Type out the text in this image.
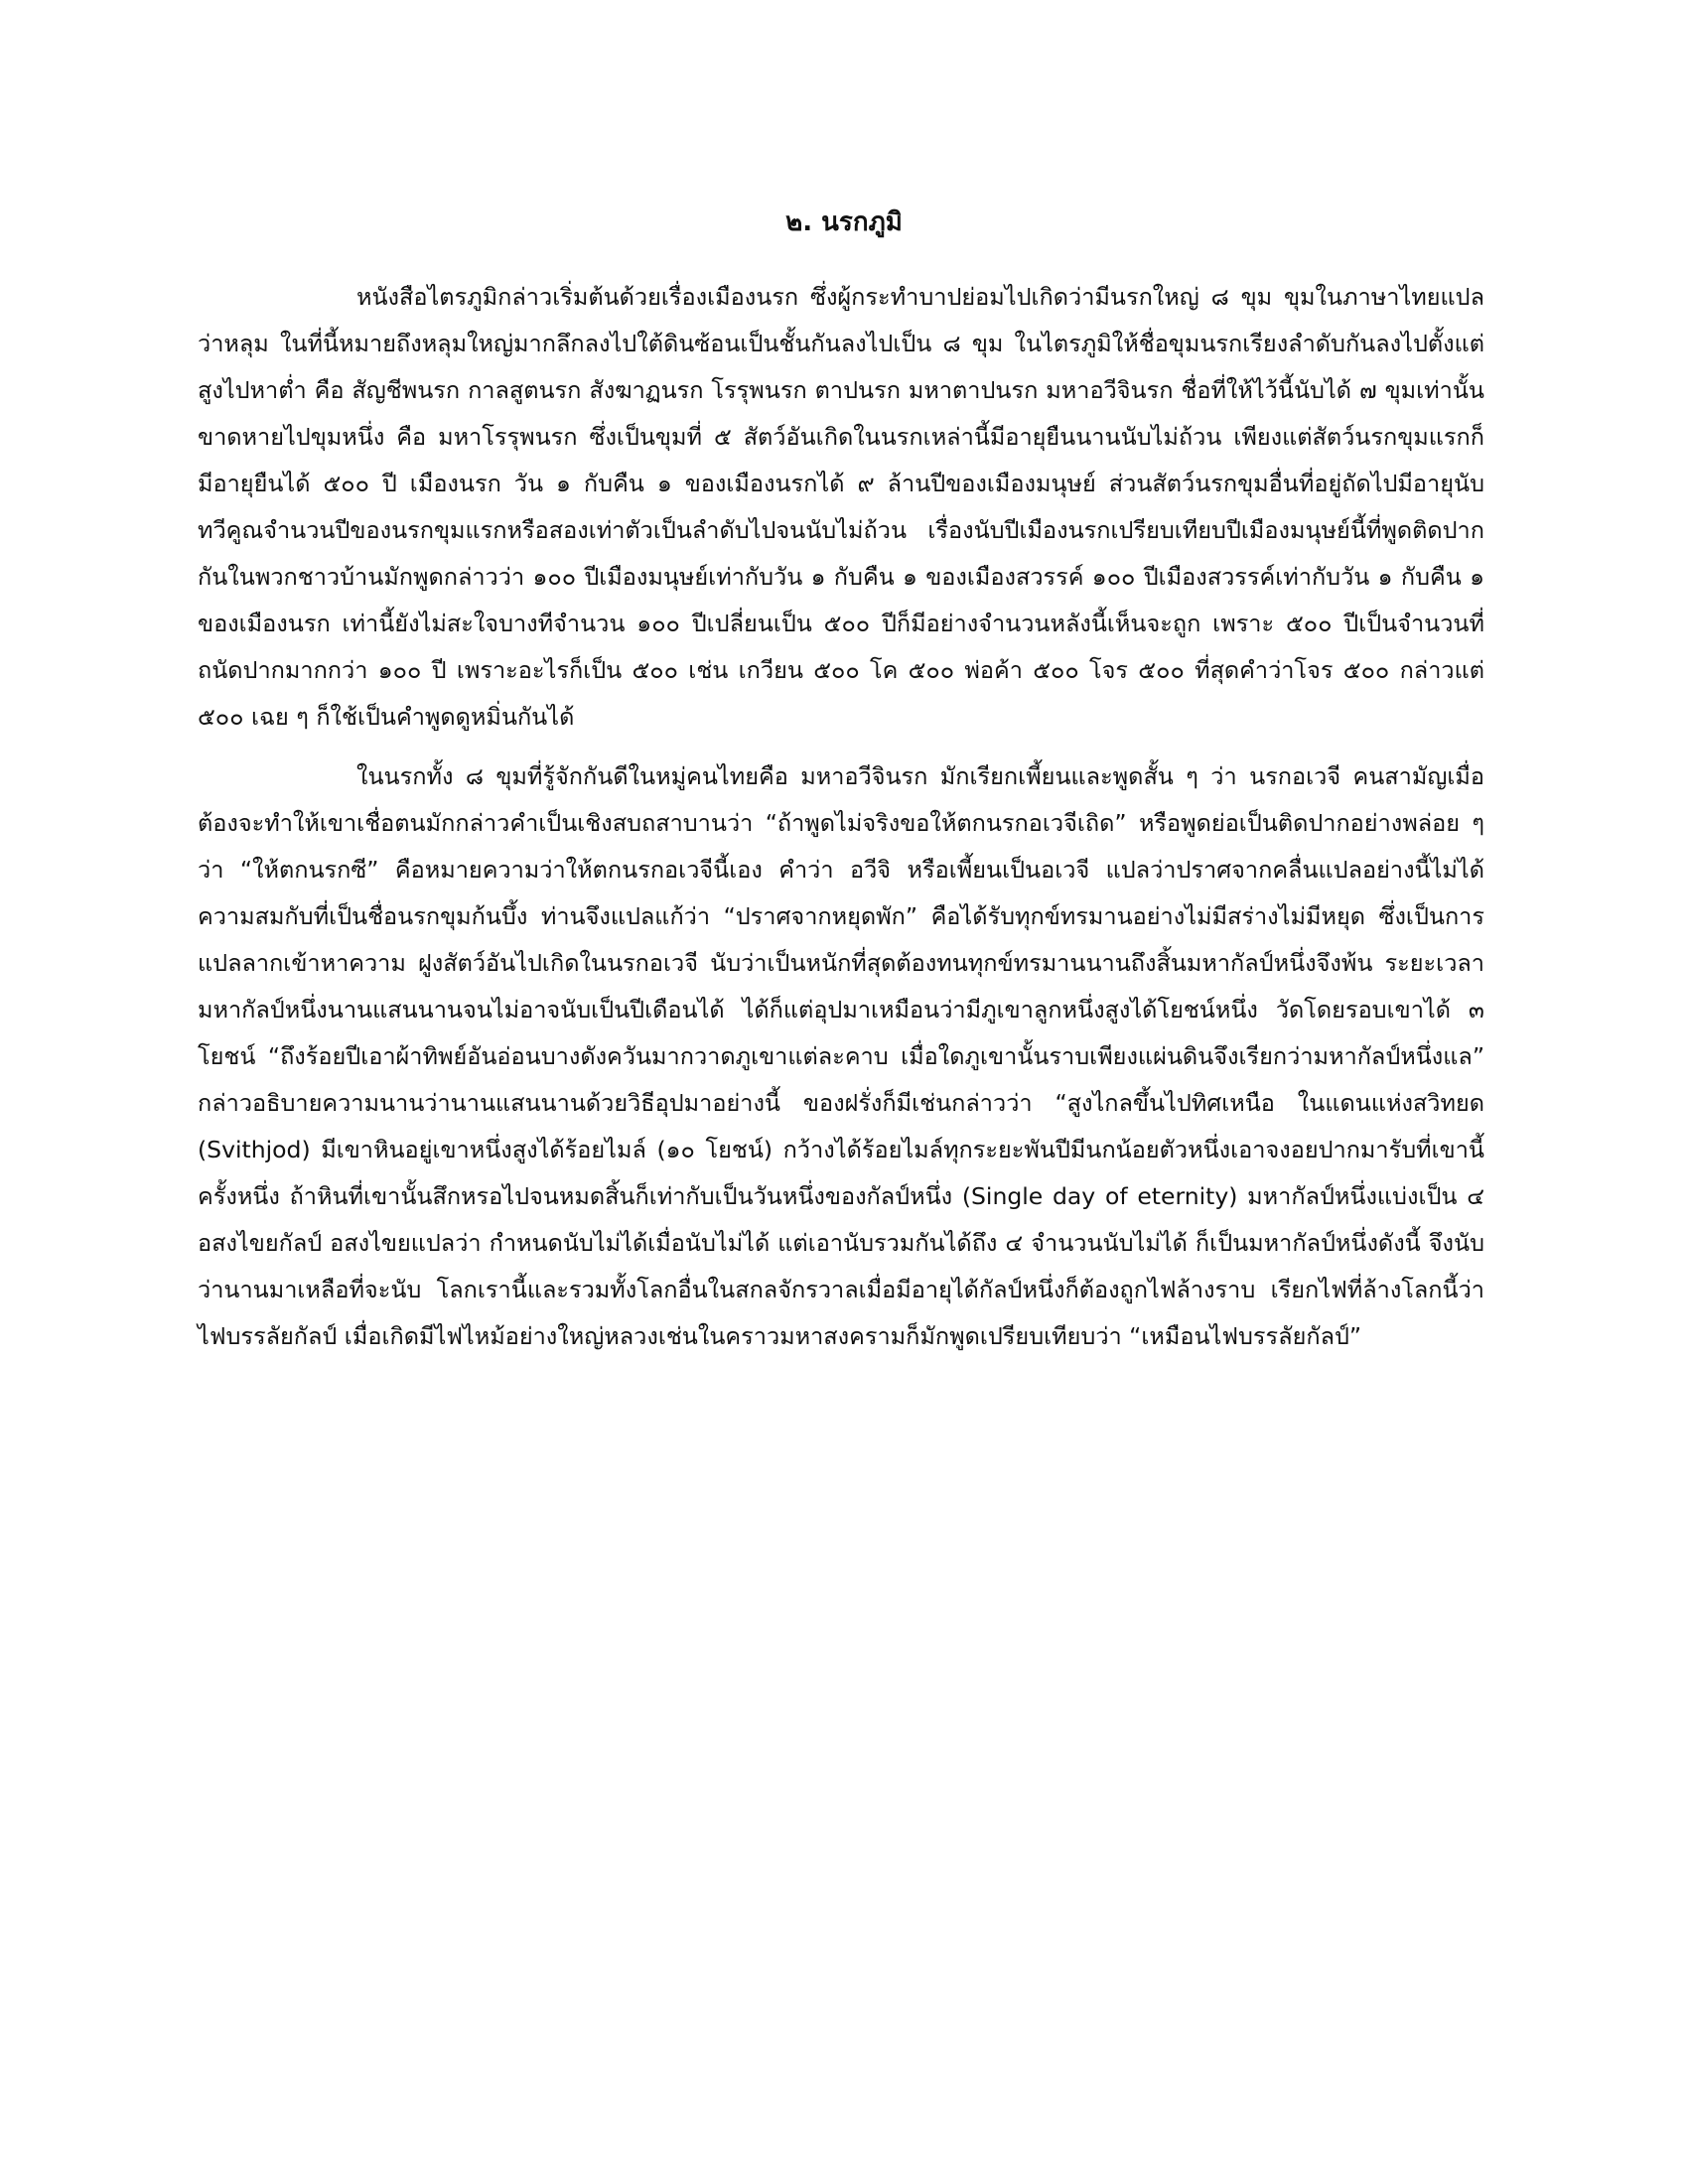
๒. นรกภูมิ

หนังสือไตรภูมิกล่าวเริ่มต้นด้วยเรื่องเมืองนรก ซึ่งผู้กระทำบาปย่อมไปเกิดว่ามีนรกใหญ่ ๘ ขุม ขุมในภาษาไทยแปลว่าหลุม ในที่นี้หมายถึงหลุมใหญ่มากลึกลงไปใต้ดินซ้อนเป็นชั้นกันลงไปเป็น ๘ ขุม ในไตรภูมิให้ชื่อขุมนรกเรียงลำดับกันลงไปตั้งแต่สูงไปหาต่ำ คือ สัญชีพนรก กาลสูตนรก สังฆาฏนรก โรรุพนรก ตาปนรก มหาตาปนรก มหาอวีจินรก ชื่อที่ให้ไว้นี้นับได้ ๗ ขุมเท่านั้น ขาดหายไปขุมหนึ่ง คือ มหาโรรุพนรก ซึ่งเป็นขุมที่ ๕ สัตว์อันเกิดในนรกเหล่านี้มีอายุยืนนานนับไม่ถ้วน เพียงแต่สัตว์นรกขุมแรกก็มีอายุยืนได้ ๕๐๐ ปี เมืองนรก วัน ๑ กับคืน ๑ ของเมืองนรกได้ ๙ ล้านปีของเมืองมนุษย์ ส่วนสัตว์นรกขุมอื่นที่อยู่ถัดไปมีอายุนับทวีคูณจำนวนปีของนรกขุมแรกหรือสองเท่าตัวเป็นลำดับไปจนนับไม่ถ้วน เรื่องนับปีเมืองนรกเปรียบเทียบปีเมืองมนุษย์นี้ที่พูดติดปากกันในพวกชาวบ้านมักพูดกล่าวว่า ๑๐๐ ปีเมืองมนุษย์เท่ากับวัน ๑ กับคืน ๑ ของเมืองสวรรค์ ๑๐๐ ปีเมืองสวรรค์เท่ากับวัน ๑ กับคืน ๑ ของเมืองนรก เท่านี้ยังไม่สะใจบางทีจำนวน ๑๐๐ ปีเปลี่ยนเป็น ๕๐๐ ปีก็มีอย่างจำนวนหลังนี้เห็นจะถูก เพราะ ๕๐๐ ปีเป็นจำนวนที่ถนัดปากมากกว่า ๑๐๐ ปี เพราะอะไรก็เป็น ๕๐๐ เช่น เกวียน ๕๐๐ โค ๕๐๐ พ่อค้า ๕๐๐ โจร ๕๐๐ ที่สุดคำว่าโจร ๕๐๐ กล่าวแต่ ๕๐๐ เฉย ๆ ก็ใช้เป็นคำพูดดูหมิ่นกันได้

ในนรกทั้ง ๘ ขุมที่รู้จักกันดีในหมู่คนไทยคือ มหาอวีจินรก มักเรียกเพี้ยนและพูดสั้น ๆ ว่า นรกอเวจี คนสามัญเมื่อต้องจะทำให้เขาเชื่อตนมักกล่าวคำเป็นเชิงสบถสาบานว่า “ถ้าพูดไม่จริงขอให้ตกนรกอเวจีเถิด” หรือพูดย่อเป็นติดปากอย่างพล่อย ๆ ว่า “ให้ตกนรกซี” คือหมายความว่าให้ตกนรกอเวจีนี้เอง คำว่า อวีจิ หรือเพี้ยนเป็นอเวจี แปลว่าปราศจากคลื่นแปลอย่างนี้ไม่ได้ความสมกับที่เป็นชื่อนรกขุมก้นบึ้ง ท่านจึงแปลแก้ว่า “ปราศจากหยุดพัก” คือได้รับทุกข์ทรมานอย่างไม่มีสร่างไม่มีหยุด ซึ่งเป็นการแปลลากเข้าหาความ ฝูงสัตว์อันไปเกิดในนรกอเวจี นับว่าเป็นหนักที่สุดต้องทนทุกข์ทรมานนานถึงสิ้นมหากัลป์หนึ่งจึงพ้น ระยะเวลามหากัลป์หนึ่งนานแสนนานจนไม่อาจนับเป็นปีเดือนได้ ได้ก็แต่อุปมาเหมือนว่ามีภูเขาลูกหนึ่งสูงได้โยชน์หนึ่ง วัดโดยรอบเขาได้ ๓ โยชน์ “ถึงร้อยปีเอาผ้าทิพย์อันอ่อนบางดังควันมากวาดภูเขาแต่ละคาบ เมื่อใดภูเขานั้นราบเพียงแผ่นดินจึงเรียกว่ามหากัลป์หนึ่งแล” กล่าวอธิบายความนานว่านานแสนนานด้วยวิธีอุปมาอย่างนี้ ของฝรั่งก็มีเช่นกล่าวว่า “สูงไกลขึ้นไปทิศเหนือ ในแดนแห่งสวิทยด (Svithjod) มีเขาหินอยู่เขาหนึ่งสูงได้ร้อยไมล์ (๑๐ โยชน์) กว้างได้ร้อยไมล์ทุกระยะพันปีมีนกน้อยตัวหนึ่งเอาจงอยปากมารับที่เขานี้ครั้งหนึ่ง ถ้าหินที่เขานั้นสึกหรอไปจนหมดสิ้นก็เท่ากับเป็นวันหนึ่งของกัลป์หนึ่ง (Single day of eternity) มหากัลป์หนึ่งแบ่งเป็น ๔ อสงไขยกัลป์ อสงไขยแปลว่า กำหนดนับไม่ได้เมื่อนับไม่ได้ แต่เอานับรวมกันได้ถึง ๔ จำนวนนับไม่ได้ ก็เป็นมหากัลป์หนึ่งดังนี้ จึงนับว่านานมาเหลือที่จะนับ โลกเรานี้และรวมทั้งโลกอื่นในสกลจักรวาลเมื่อมีอายุได้กัลป์หนึ่งก็ต้องถูกไฟล้างราบ เรียกไฟที่ล้างโลกนี้ว่า ไฟบรรลัยกัลป์ เมื่อเกิดมีไฟไหม้อย่างใหญ่หลวงเช่นในคราวมหาสงครามก็มักพูดเปรียบเทียบว่า “เหมือนไฟบรรลัยกัลป์”
